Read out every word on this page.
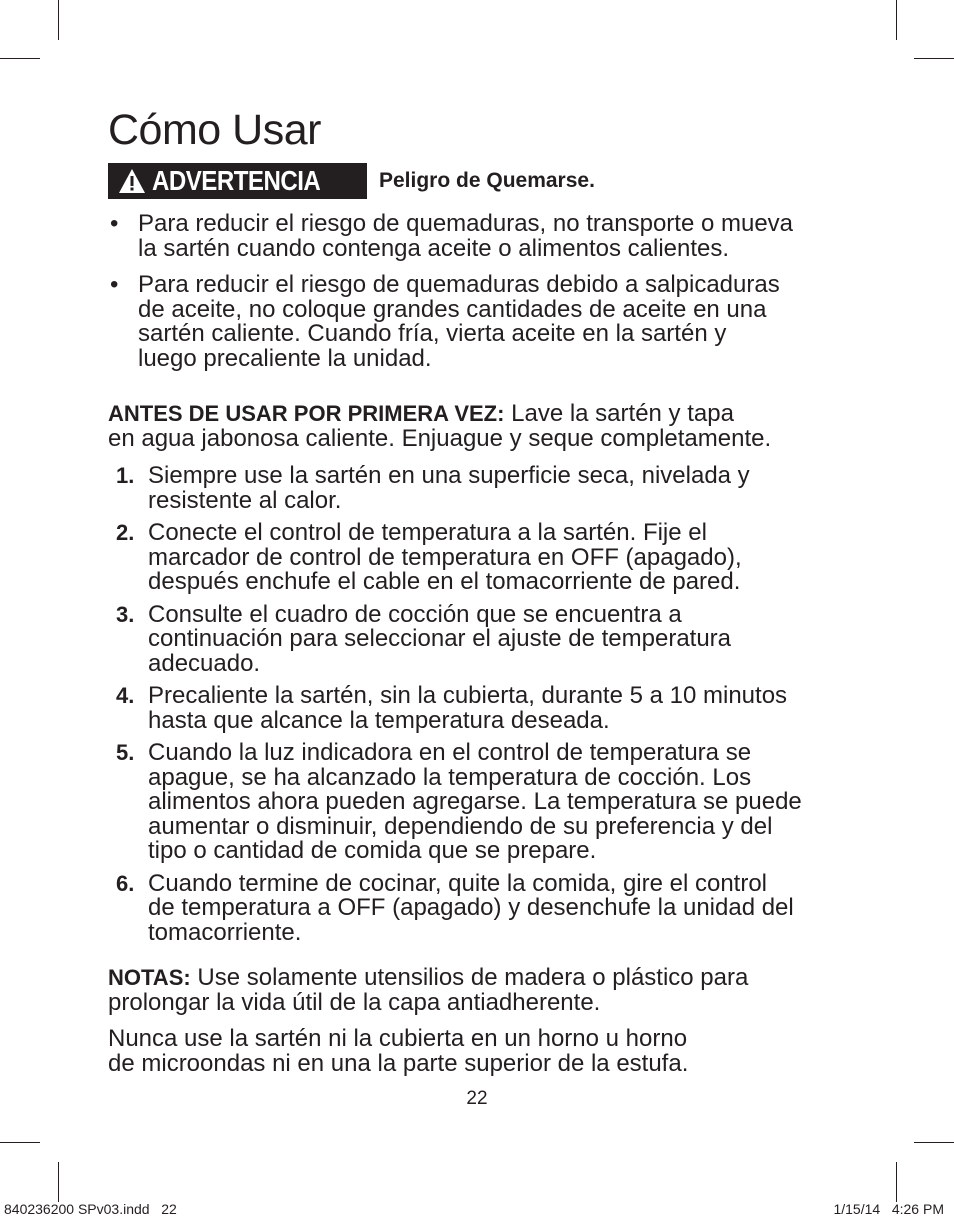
Cómo Usar
ADVERTENCIA	Peligro de Quemarse.
• Para reducir el riesgo de quemaduras, no transporte o mueva
la sartén cuando contenga aceite o alimentos calientes.
• Para reducir el riesgo de quemaduras debido a salpicaduras
de aceite, no coloque grandes cantidades de aceite en una
sartén caliente. Cuando fría, vierta aceite en la sartén y
luego precaliente la unidad.

ANTES DE USAR POR PRIMERA VEZ: Lave la sartén y tapa
en agua jabonosa caliente. Enjuague y seque completamente.

1. Siempre use la sartén en una superficie seca, nivelada y
resistente al calor.
2. Conecte el control de temperatura a la sartén. Fije el
marcador de control de temperatura en OFF (apagado),
después enchufe el cable en el tomacorriente de pared.
3. Consulte el cuadro de cocción que se encuentra a
continuación para seleccionar el ajuste de temperatura
adecuado.
4. Precaliente la sartén, sin la cubierta, durante 5 a 10 minutos
hasta que alcance la temperatura deseada.
5. Cuando la luz indicadora en el control de temperatura se
apague, se ha alcanzado la temperatura de cocción. Los
alimentos ahora pueden agregarse. La temperatura se puede
aumentar o disminuir, dependiendo de su preferencia y del
tipo o cantidad de comida que se prepare.
6. Cuando termine de cocinar, quite la comida, gire el control
de temperatura a OFF (apagado) y desenchufe la unidad del
tomacorriente.

NOTAS: Use solamente utensilios de madera o plástico para
prolongar la vida útil de la capa antiadherente.

Nunca use la sartén ni la cubierta en un horno u horno
de microondas ni en una la parte superior de la estufa.

22
840236200 SPv03.indd   22	1/15/14   4:26 PM
